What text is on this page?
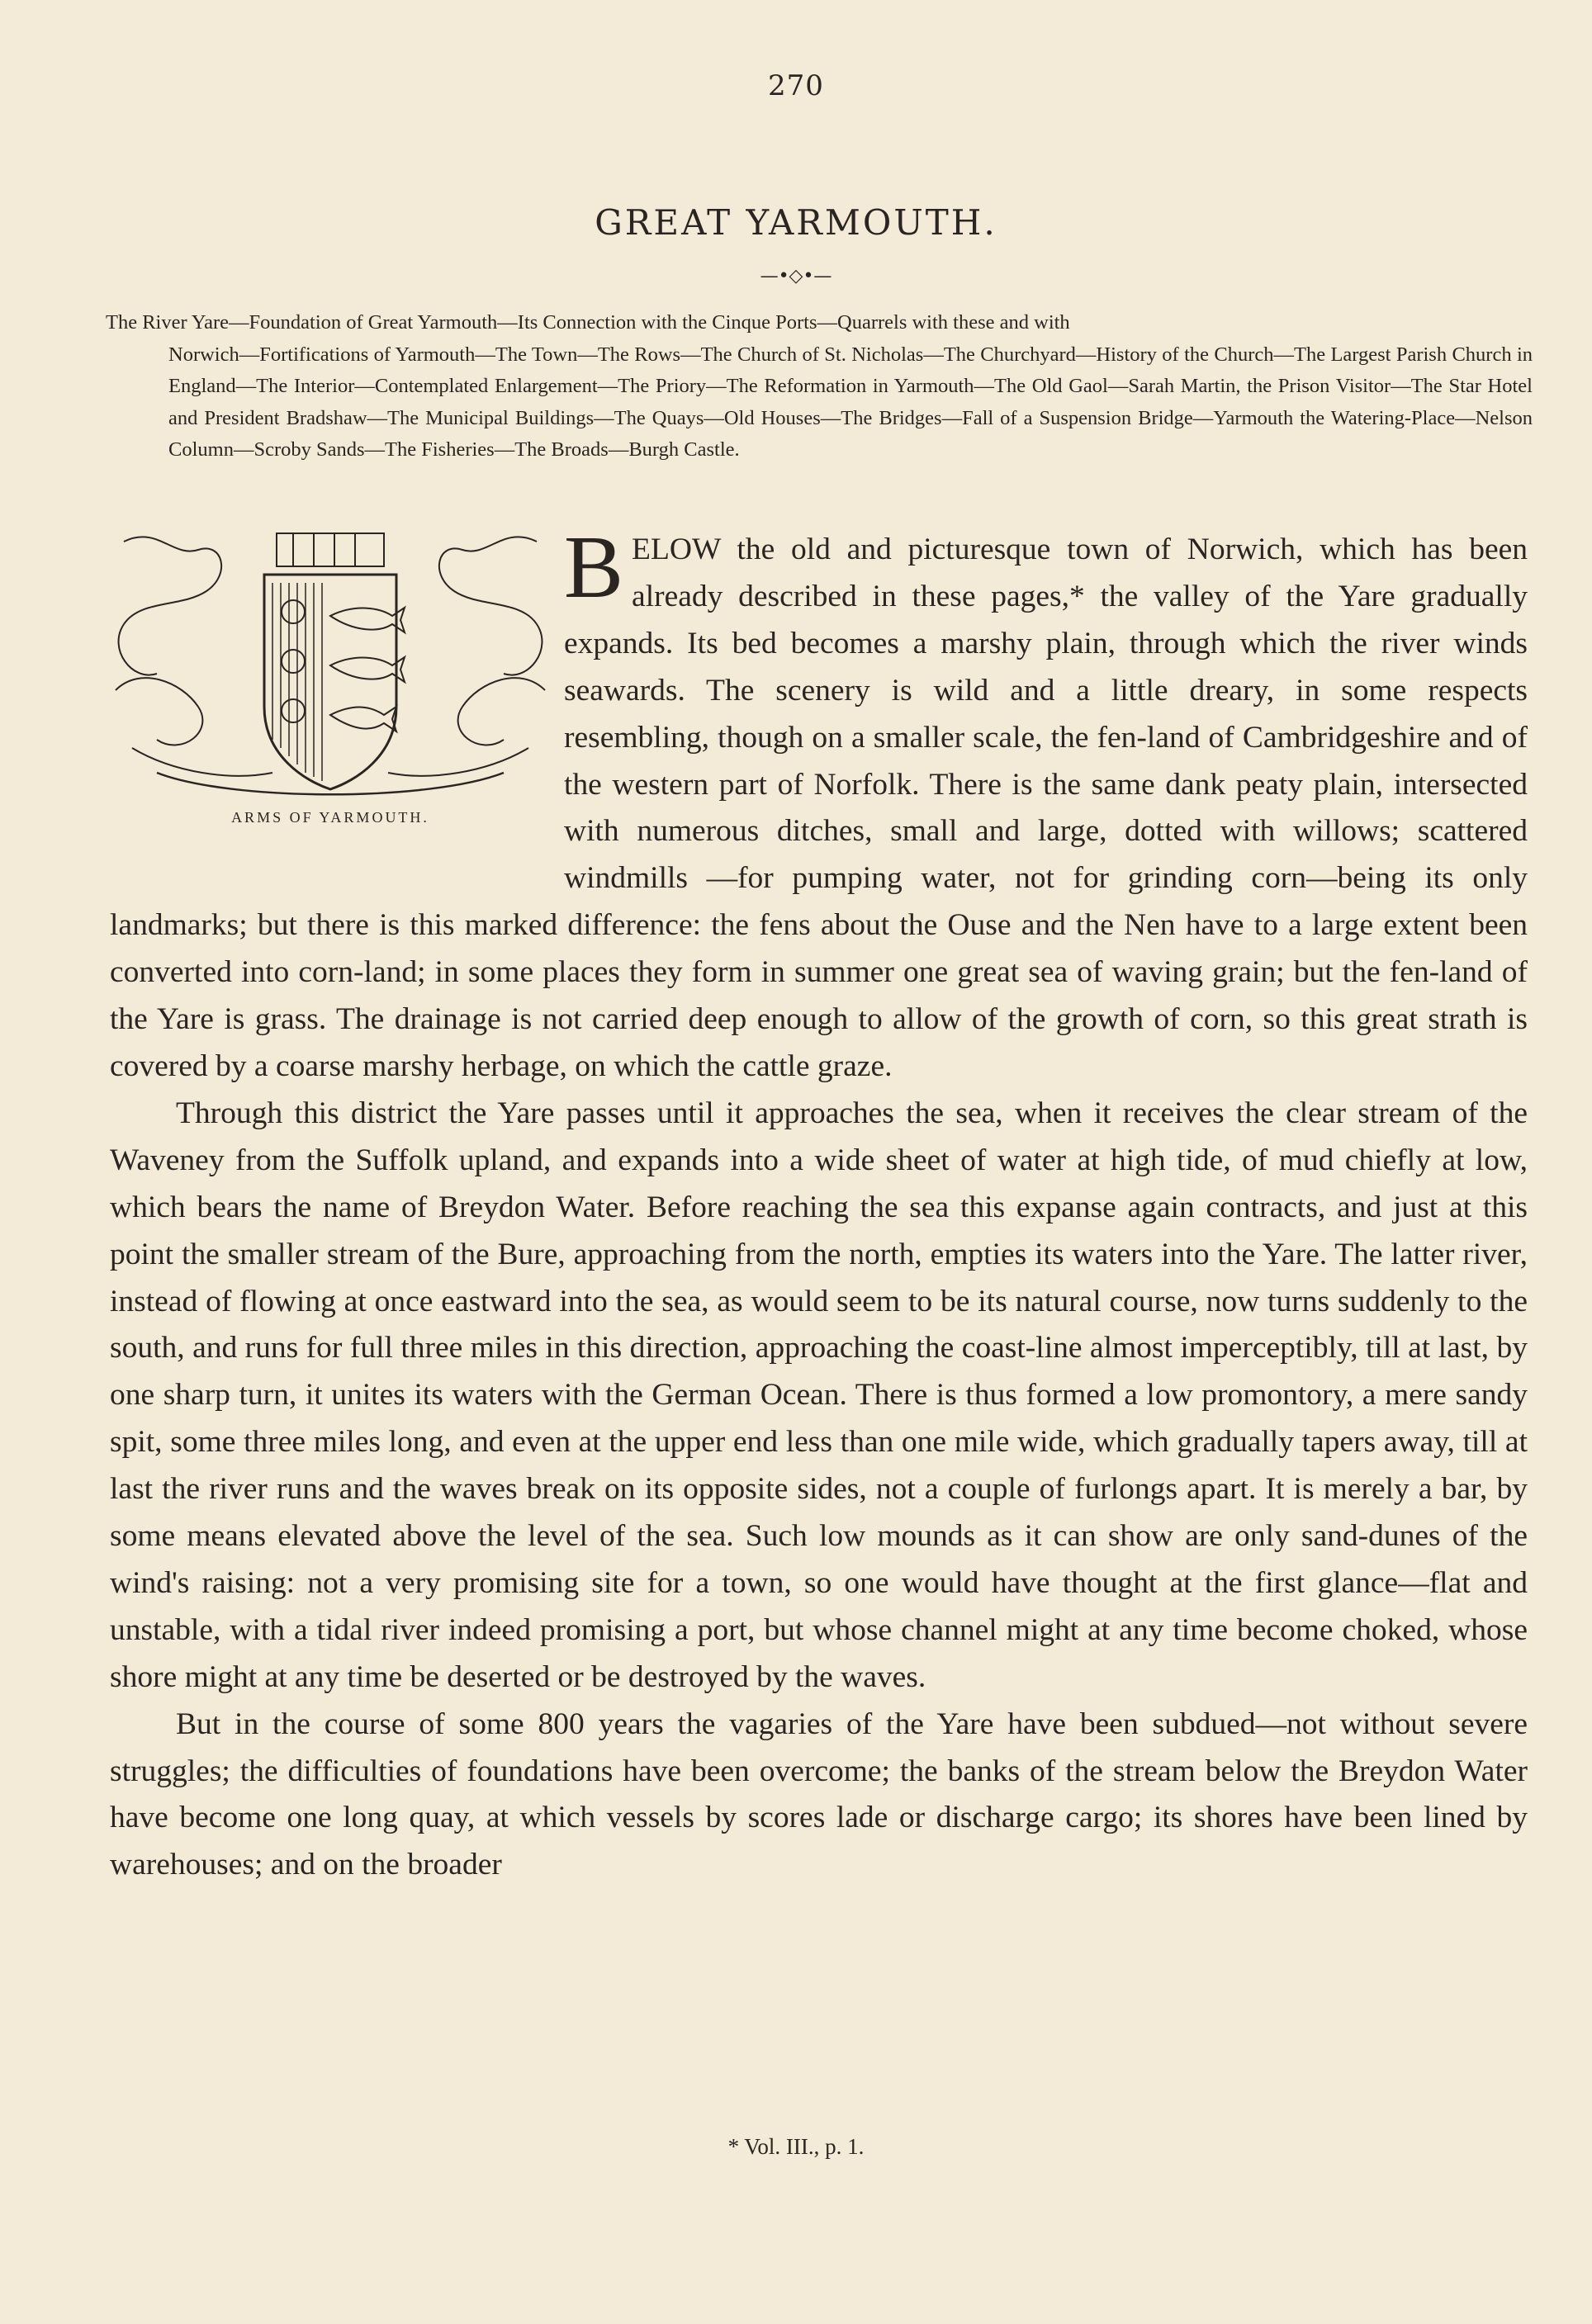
270
GREAT YARMOUTH.
—•◇•—
The River Yare—Foundation of Great Yarmouth—Its Connection with the Cinque Ports—Quarrels with these and with
Norwich—Fortifications of Yarmouth—The Town—The Rows—The Church of St. Nicholas—The Churchyard—History of the Church—The Largest Parish Church in England—The Interior—Contemplated Enlargement—The Priory—The Reformation in Yarmouth—The Old Gaol—Sarah Martin, the Prison Visitor—The Star Hotel and President Bradshaw—The Municipal Buildings—The Quays—Old Houses—The Bridges—Fall of a Suspension Bridge—Yarmouth the Watering-Place—Nelson Column—Scroby Sands—The Fisheries—The Broads—Burgh Castle.
ARMS OF YARMOUTH.

BELOW the old and picturesque town of Norwich, which has been already described in these pages,* the valley of the Yare gradually expands. Its bed becomes a marshy plain, through which the river winds seawards. The scenery is wild and a little dreary, in some respects resembling, though on a smaller scale, the fen-land of Cambridgeshire and of the western part of Norfolk. There is the same dank peaty plain, intersected with numerous ditches, small and large, dotted with willows; scattered windmills —for pumping water, not for grinding corn—being its only landmarks; but there is this marked difference: the fens about the Ouse and the Nen have to a large extent been converted into corn-land; in some places they form in summer one great sea of waving grain; but the fen-land of the Yare is grass. The drainage is not carried deep enough to allow of the growth of corn, so this great strath is covered by a coarse marshy herbage, on which the cattle graze.

Through this district the Yare passes until it approaches the sea, when it receives the clear stream of the Waveney from the Suffolk upland, and expands into a wide sheet of water at high tide, of mud chiefly at low, which bears the name of Breydon Water. Before reaching the sea this expanse again contracts, and just at this point the smaller stream of the Bure, approaching from the north, empties its waters into the Yare. The latter river, instead of flowing at once eastward into the sea, as would seem to be its natural course, now turns suddenly to the south, and runs for full three miles in this direction, approaching the coast-line almost imperceptibly, till at last, by one sharp turn, it unites its waters with the German Ocean. There is thus formed a low promontory, a mere sandy spit, some three miles long, and even at the upper end less than one mile wide, which gradually tapers away, till at last the river runs and the waves break on its opposite sides, not a couple of furlongs apart. It is merely a bar, by some means elevated above the level of the sea. Such low mounds as it can show are only sand-dunes of the wind's raising: not a very promising site for a town, so one would have thought at the first glance—flat and unstable, with a tidal river indeed promising a port, but whose channel might at any time become choked, whose shore might at any time be deserted or be destroyed by the waves.

But in the course of some 800 years the vagaries of the Yare have been subdued—not without severe struggles; the difficulties of foundations have been overcome; the banks of the stream below the Breydon Water have become one long quay, at which vessels by scores lade or discharge cargo; its shores have been lined by warehouses; and on the broader

* Vol. III., p. 1.
